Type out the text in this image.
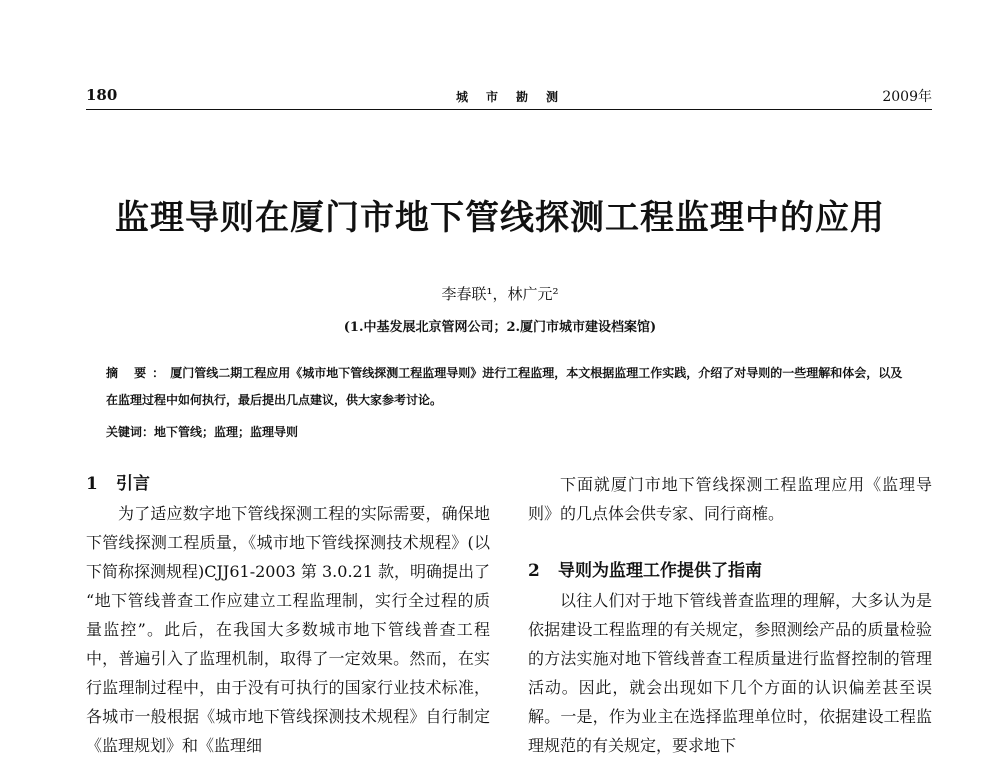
180	城市勘测	2009年
监理导则在厦门市地下管线探测工程监理中的应用
李春联¹，林广元²
(1.中基发展北京管网公司；2.厦门市城市建设档案馆)
摘 要：厦门管线二期工程应用《城市地下管线探测工程监理导则》进行工程监理，本文根据监理工作实践，介绍了对导则的一些理解和体会，以及在监理过程中如何执行，最后提出几点建议，供大家参考讨论。
关键词：地下管线；监理；监理导则

1 引言

为了适应数字地下管线探测工程的实际需要，确保地下管线探测工程质量，《城市地下管线探测技术规程》(以下简称探测规程)CJJ61-2003 第 3.0.21 款，明确提出了 “地下管线普查工作应建立工程监理制，实行全过程的质量监控”。此后，在我国大多数城市地下管线普查工程中，普遍引入了监理机制，取得了一定效果。然而，在实行监理制过程中，由于没有可执行的国家行业技术标准，各城市一般根据《城市地下管线探测技术规程》自行制定《监理规划》和《监理细

下面就厦门市地下管线探测工程监理应用《监理导则》的几点体会供专家、同行商榷。

2 导则为监理工作提供了指南

以往人们对于地下管线普查监理的理解，大多认为是依据建设工程监理的有关规定，参照测绘产品的质量检验的方法实施对地下管线普查工程质量进行监督控制的管理活动。因此，就会出现如下几个方面的认识偏差甚至误解。一是，作为业主在选择监理单位时，依据建设工程监理规范的有关规定，要求地下
